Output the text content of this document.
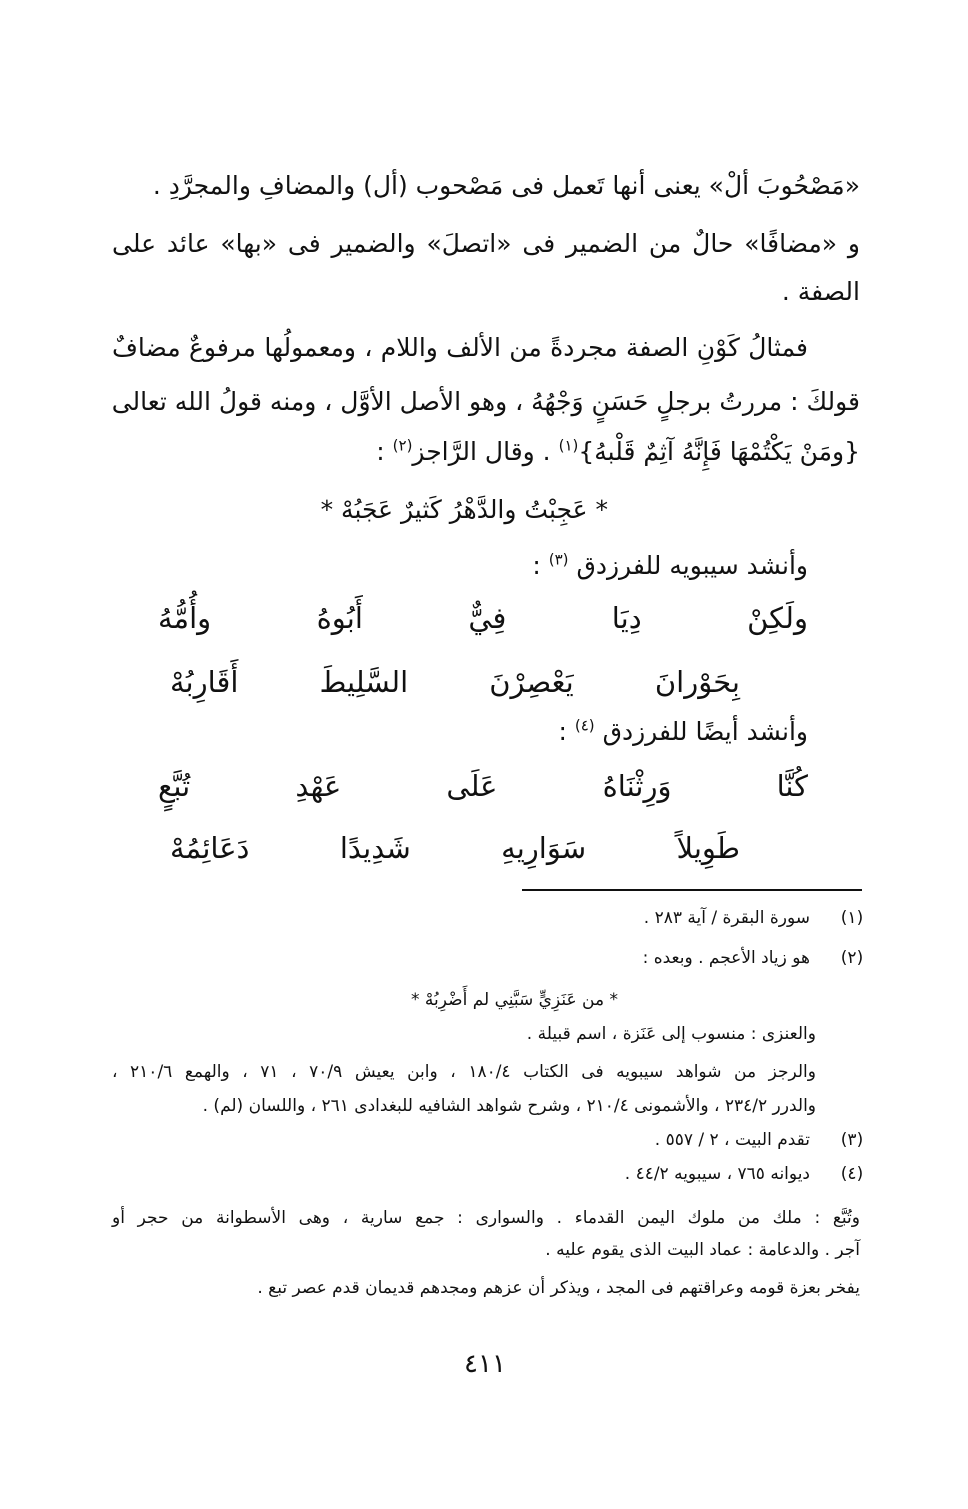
«مَصْحُوبَ ألْ» يعنى أنها تَعمل فى مَصْحوب (أل) والمضافِ والمجرَّدِ .
و «مضافًا» حالٌ من الضمير فى «اتصلَ» والضمير فى «بها» عائد على
الصفة .
فمثالُ كَوْنِ الصفة مجردةً من الألف واللام ، ومعمولُها مرفوعٌ مضافٌ
قولكَ : مررتُ برجلٍ حَسَنٍ وَجْهُهُ ، وهو الأصل الأوَّل ، ومنه قولُ الله تعالى
{ومَنْ يَكْتُمْهَا فَإِنَّهُ آثِمٌ قَلْبهُ}$^{(١)}$ . وقال الرَّاجز$^{(٢)}$ :
* عَجِبْتُ والدَّهْرُ كَثيرٌ عَجَبُهْ *
وأنشد سيبويه للفرزدق $^{(٣)}$ :
ولَكِنْ دِيَا فِيٌّ أَبُوهُ وأُمُّهُ
بِحَوْرانَ يَعْصِرْنَ السَّلِيطَ أَقَارِبُهْ
وأنشد أيضًا للفرزدق $^{(٤)}$ :
كُنَّا وَرِثْنَاهُ عَلَى عَهْدِ تُبَّعٍ
طَوِيلاً سَوَارِيهِ شَدِيدًا دَعَائِمُهْ
(١)
سورة البقرة / آية ٢٨٣ .
(٢)
هو زياد الأعجم . وبعده :
* من عَنَزِيٍّ سَبَّنِي لم أَضْرِبُهْ *
والعنزى : منسوب إلى عَنَزة ، اسم قبيلة .
والرجز من شواهد سيبويه فى الكتاب ١٨٠/٤ ، وابن يعيش ٧٠/٩ ، ٧١ ، والهمع ٢١٠/٦ ،
والدرر ٢٣٤/٢ ، والأشمونى ٢١٠/٤ ، وشرح شواهد الشافيه للبغدادى ٢٦١ ، واللسان (لم) .
(٣)
تقدم البيت ، ٢ / ٥٥٧ .
(٤)
ديوانه ٧٦٥ ، سيبويه ٤٤/٢ .
وتُبَّع : ملك من ملوك اليمن القدماء . والسوارى : جمع سارية ، وهى الأسطوانة من حجر أو
آجر . والدعامة : عماد البيت الذى يقوم عليه .
يفخر بعزة قومه وعراقتهم فى المجد ، ويذكر أن عزهم ومجدهم قديمان قدم عصر تبع .
٤١١
